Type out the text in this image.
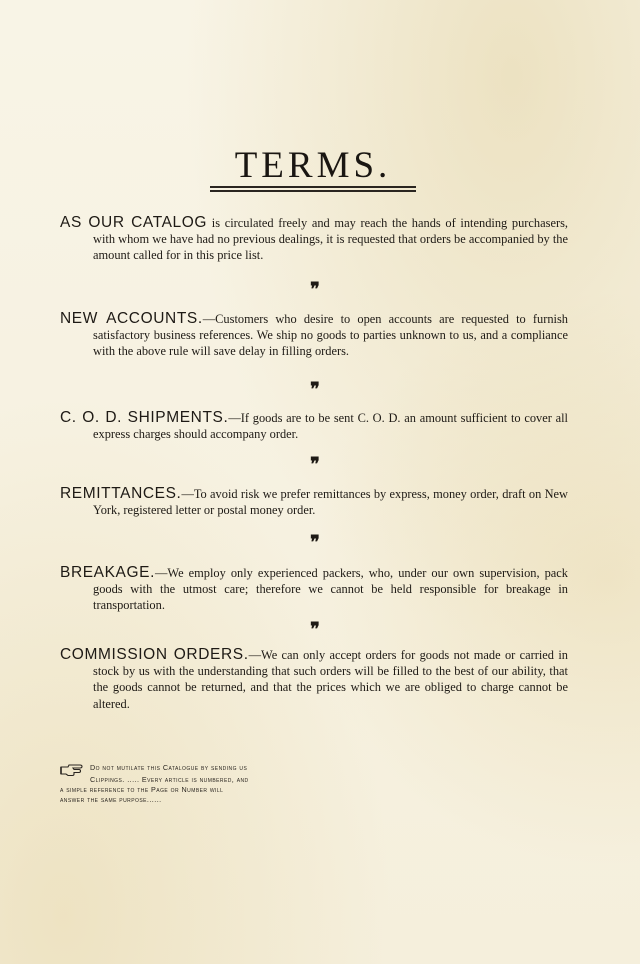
TERMS.

AS OUR CATALOG is circulated freely and may reach the hands of intending purchasers, with whom we have had no previous dealings, it is requested that orders be accompanied by the amount called for in this price list.

❞

NEW ACCOUNTS.—Customers who desire to open accounts are requested to furnish satisfactory business references. We ship no goods to parties unknown to us, and a compliance with the above rule will save delay in filling orders.

❞

C. O. D. SHIPMENTS.—If goods are to be sent C. O. D. an amount sufficient to cover all express charges should accompany order.

❞

REMITTANCES.—To avoid risk we prefer remittances by express, money order, draft on New York, registered letter or postal money order.

❞

BREAKAGE.—We employ only experienced packers, who, under our own supervision, pack goods with the utmost care; therefore we cannot be held responsible for breakage in transportation.

❞

COMMISSION ORDERS.—We can only accept orders for goods not made or carried in stock by us with the understanding that such orders will be filled to the best of our ability, that the goods cannot be returned, and that the prices which we are obliged to charge cannot be altered.

Do not mutilate this Catalogue by sending us
Clippings. ..... Every article is numbered, and
a simple reference to the Page or Number will
answer the same purpose......
